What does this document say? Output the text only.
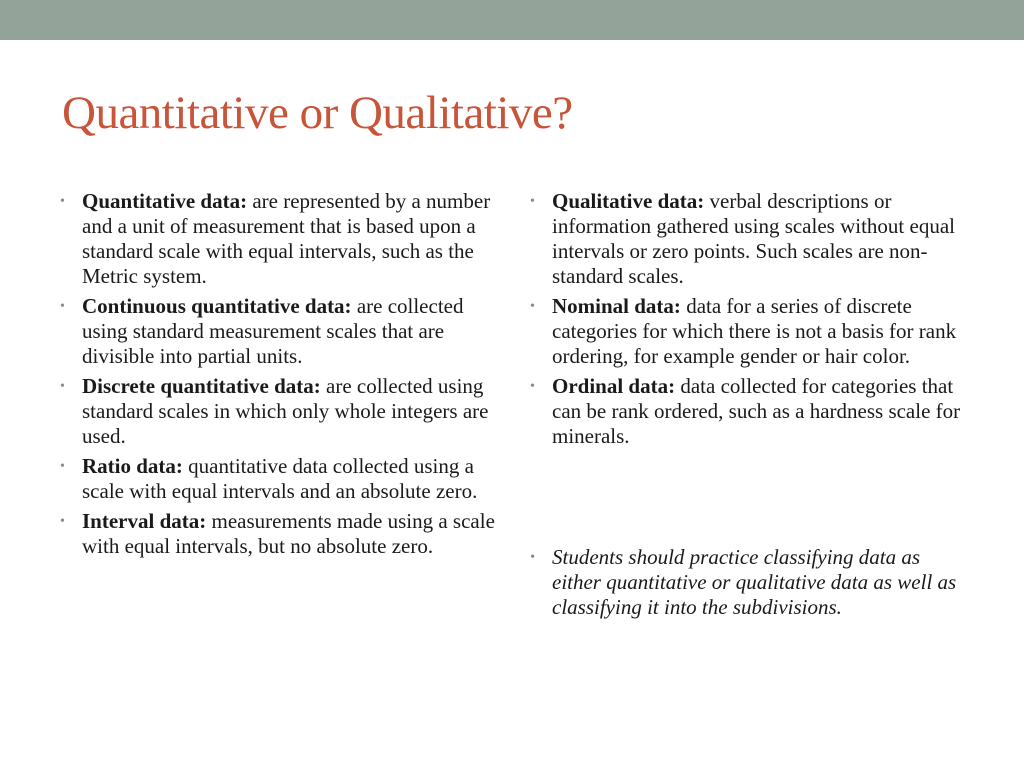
Quantitative or Qualitative?
• Quantitative data: are represented by a number and a unit of measurement that is based upon a standard scale with equal intervals, such as the Metric system.
• Continuous quantitative data: are collected using standard measurement scales that are divisible into partial units.
• Discrete quantitative data: are collected using standard scales in which only whole integers are used.
• Ratio data: quantitative data collected using a scale with equal intervals and an absolute zero.
• Interval data: measurements made using a scale with equal intervals, but no absolute zero.
• Qualitative data: verbal descriptions or information gathered using scales without equal intervals or zero points. Such scales are non-standard scales.
• Nominal data: data for a series of discrete categories for which there is not a basis for rank ordering, for example gender or hair color.
• Ordinal data: data collected for categories that can be rank ordered, such as a hardness scale for minerals.
• Students should practice classifying data as either quantitative or qualitative data as well as classifying it into the subdivisions.
